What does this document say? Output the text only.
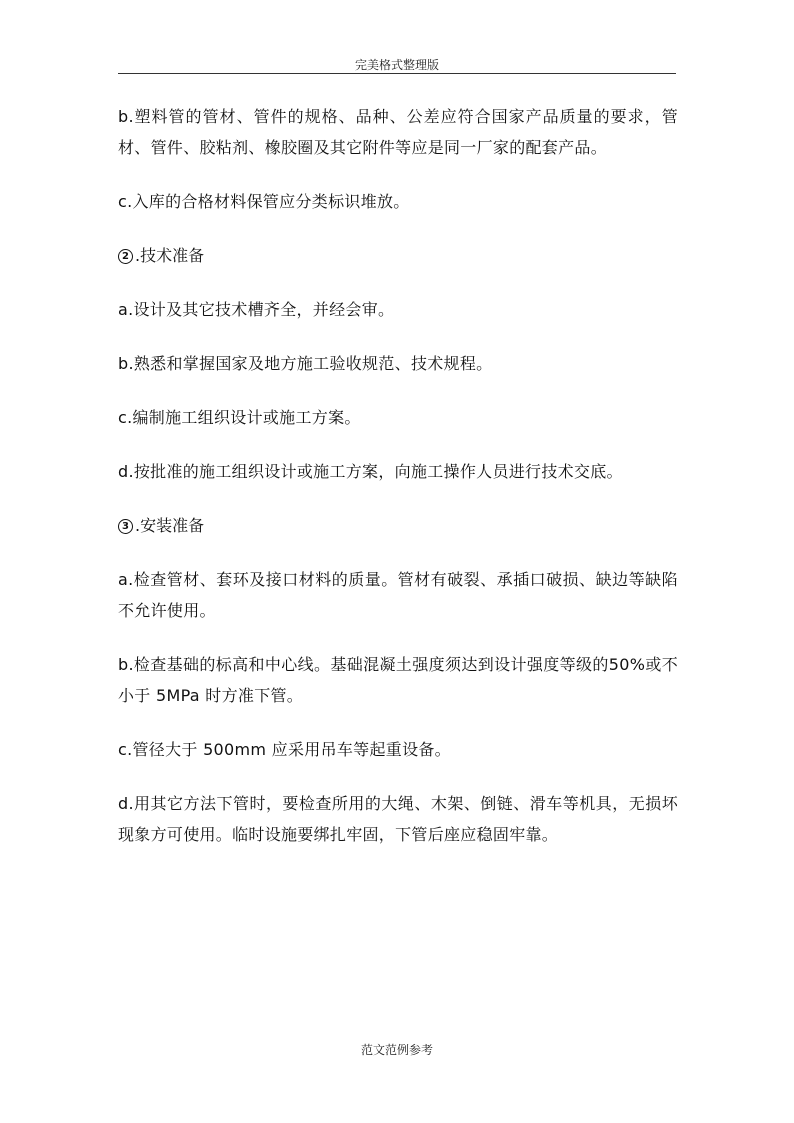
完美格式整理版

b.塑料管的管材、管件的规格、品种、公差应符合国家产品质量的要求，管材、管件、胶粘剂、橡胶圈及其它附件等应是同一厂家的配套产品。

c.入库的合格材料保管应分类标识堆放。

2 .技术准备

a.设计及其它技术槽齐全，并经会审。

b.熟悉和掌握国家及地方施工验收规范、技术规程。

c.编制施工组织设计或施工方案。

d.按批准的施工组织设计或施工方案，向施工操作人员进行技术交底。

3 .安装准备

a.检查管材、套环及接口材料的质量。管材有破裂、承插口破损、缺边等缺陷不允许使用。

b.检查基础的标高和中心线。基础混凝土强度须达到设计强度等级的50%或不小于 5MPa 时方准下管。

c.管径大于 500mm 应采用吊车等起重设备。

d.用其它方法下管时，要检查所用的大绳、木架、倒链、滑车等机具，无损坏现象方可使用。临时设施要绑扎牢固，下管后座应稳固牢靠。

范文范例参考
